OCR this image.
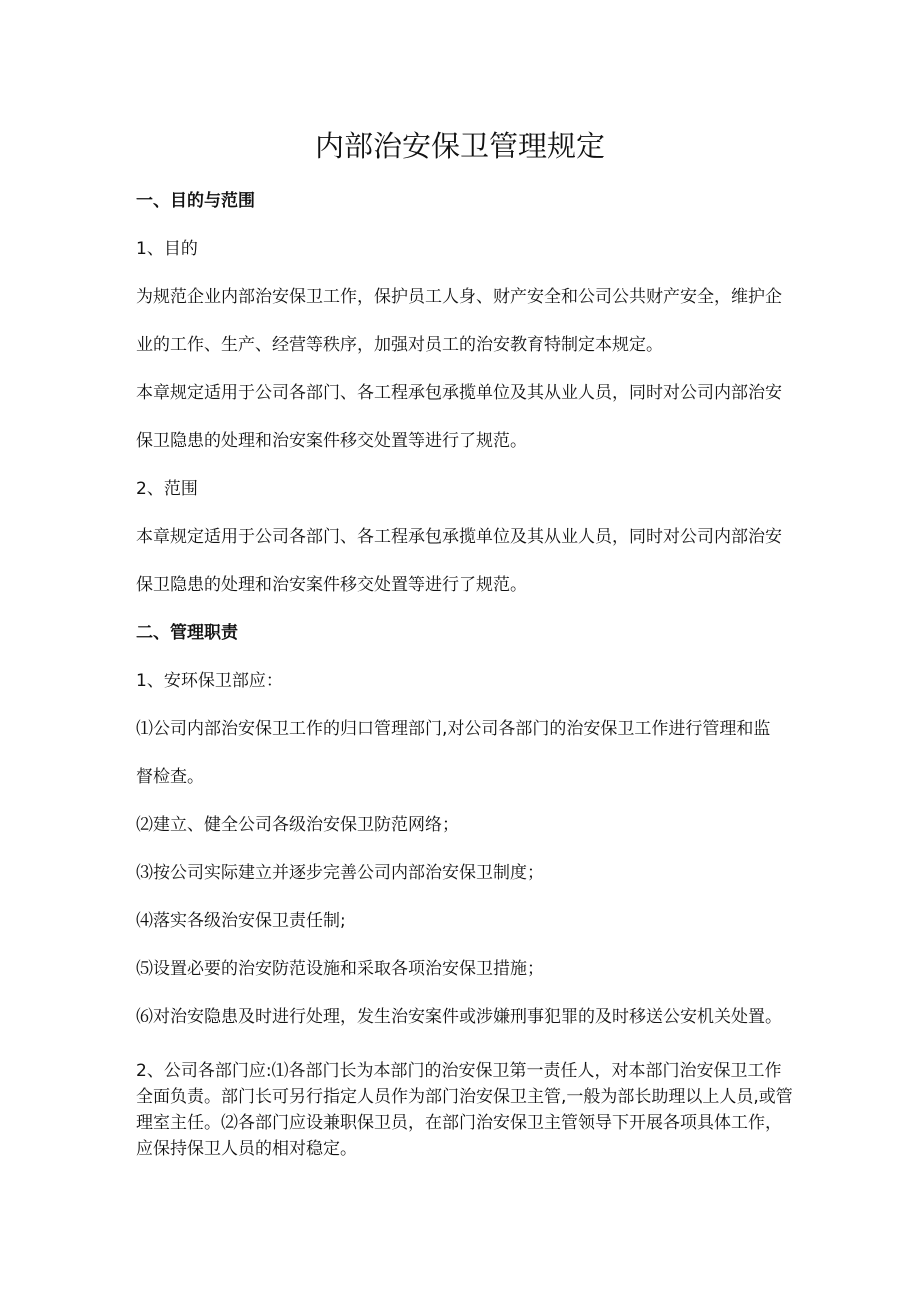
内部治安保卫管理规定
一、目的与范围
1、目的
为规范企业内部治安保卫工作，保护员工人身、财产安全和公司公共财产安全，维护企
业的工作、生产、经营等秩序，加强对员工的治安教育特制定本规定。
本章规定适用于公司各部门、各工程承包承揽单位及其从业人员，同时对公司内部治安
保卫隐患的处理和治安案件移交处置等进行了规范。
2、范围
本章规定适用于公司各部门、各工程承包承揽单位及其从业人员，同时对公司内部治安
保卫隐患的处理和治安案件移交处置等进行了规范。
二、管理职责
1、安环保卫部应：
⑴公司内部治安保卫工作的归口管理部门,对公司各部门的治安保卫工作进行管理和监
督检查。
⑵建立、健全公司各级治安保卫防范网络；
⑶按公司实际建立并逐步完善公司内部治安保卫制度；
⑷落实各级治安保卫责任制;
⑸设置必要的治安防范设施和采取各项治安保卫措施；
⑹对治安隐患及时进行处理，发生治安案件或涉嫌刑事犯罪的及时移送公安机关处置。
2、公司各部门应:⑴各部门长为本部门的治安保卫第一责任人，对本部门治安保卫工作
全面负责。部门长可另行指定人员作为部门治安保卫主管,一般为部长助理以上人员,或管
理室主任。⑵各部门应设兼职保卫员，在部门治安保卫主管领导下开展各项具体工作，
应保持保卫人员的相对稳定。
